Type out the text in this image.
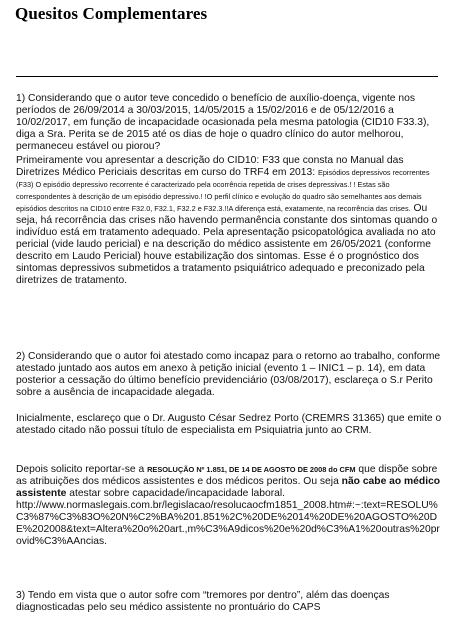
Quesitos Complementares

1) Considerando que o autor teve concedido o benefício de auxílio-doença, vigente nos períodos de 26/09/2014 a 30/03/2015, 14/05/2015 a 15/02/2016 e de 05/12/2016 a 10/02/2017, em função de incapacidade ocasionada pela mesma patologia (CID10 F33.3), diga a Sra. Perita se de 2015 até os dias de hoje o quadro clínico do autor melhorou, permaneceu estável ou piorou?

Primeiramente vou apresentar a descrição do CID10: F33 que consta no Manual das Diretrizes Médico Periciais descritas em curso do TRF4 em 2013: Episódios depressivos recorrentes (F33) O episódio depressivo recorrente é caracterizado pela ocorrência repetida de crises depressivas.! ! Estas são correspondentes à descrição de um episódio depressivo.! !O perfil clínico e evolução do quadro são semelhantes aos demais episódios descritos na CID10 entre F32.0, F32.1, F32.2 e F32.3.!!A diferença está, exatamente, na recorrência das crises. Ou seja, há recorrência das crises não havendo permanência constante dos sintomas quando o indivíduo está em tratamento adequado. Pela apresentação psicopatológica avaliada no ato pericial (vide laudo pericial) e na descrição do médico assistente em 26/05/2021 (conforme descrito em Laudo Pericial) houve estabilização dos sintomas. Esse é o prognóstico dos sintomas depressivos submetidos a tratamento psiquiátrico adequado e preconizado pela diretrizes de tratamento.

2) Considerando que o autor foi atestado como incapaz para o retorno ao trabalho, conforme atestado juntado aos autos em anexo à petição inicial (evento 1 – INIC1 – p. 14), em data posterior a cessação do último benefício previdenciário (03/08/2017), esclareça o S.r Perito sobre a ausência de incapacidade alegada.

Inicialmente, esclareço que o Dr. Augusto César Sedrez Porto (CREMRS 31365) que emite o atestado citado não possui título de especialista em Psiquiatria junto ao CRM.

Depois solicito reportar-se a RESOLUÇÃO Nº 1.851, DE 14 DE AGOSTO DE 2008 do CFM que dispõe sobre as atribuições dos médicos assistentes e dos médicos peritos. Ou seja não cabe ao médico assistente atestar sobre capacidade/incapacidade laboral.

http://www.normaslegais.com.br/legislacao/resolucaocfm1851_2008.htm#:~:text=RESOLU%C3%87%C3%83O%20N%C2%BA%201.851%2C%20DE%2014%20DE%20AGOSTO%20DE%202008&text=Altera%20o%20art.,m%C3%A9dicos%20e%20d%C3%A1%20outras%20provid%C3%AAncias.

3) Tendo em vista que o autor sofre com “tremores por dentro”, além das doenças diagnosticadas pelo seu médico assistente no prontuário do CAPS
